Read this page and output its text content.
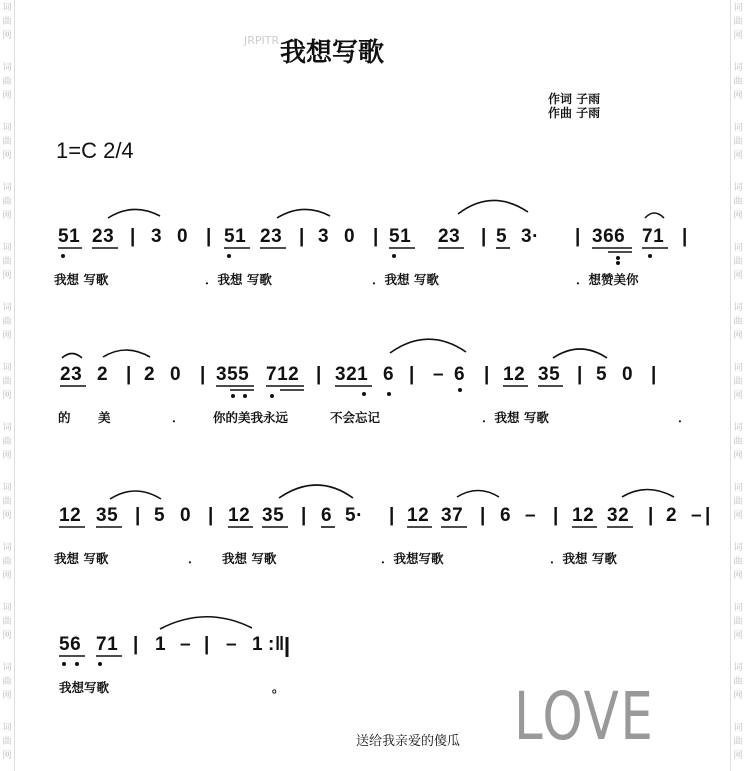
词
曲
网
词
曲
网
词
曲
网
词
曲
网
词
曲
网
词
曲
网
词
曲
网
词
曲
网
词
曲
网
词
曲
网
词
曲
网
词
曲
网
词
曲
网
词
曲
网
词
曲
网
词
曲
网
词
曲
网
词
曲
网
词
曲
网
词
曲
网
词
曲
网
词
曲
网
词
曲
网
词
曲
网
词
曲
网
词
曲
网
JRPITR 我想写歌
作词 子雨
作曲 子雨
1=C 2/4
51 23 | 3 0 | 51 23 | 3 0 | 51 23 | 5 3· | 366 71 |
我想 写歌	．我想 写歌	．我想 写歌	．想赞美你
23 2 | 2 0 | 355 712 | 321 6 | – 6 | 12 35 | 5 0 |
的 美	． 你的美我永远	不会忘记	．我想 写歌	．
12 35 | 5 0 | 12 35 | 6 5· | 12 37 | 6 – | 12 32 | 2 – |
我想 写歌	． 我想 写歌	．我想写歌	．我想 写歌
56 71 | 1 – | – 1 :‖
我想写歌	。	LOVE
送给我亲爱的傻瓜
